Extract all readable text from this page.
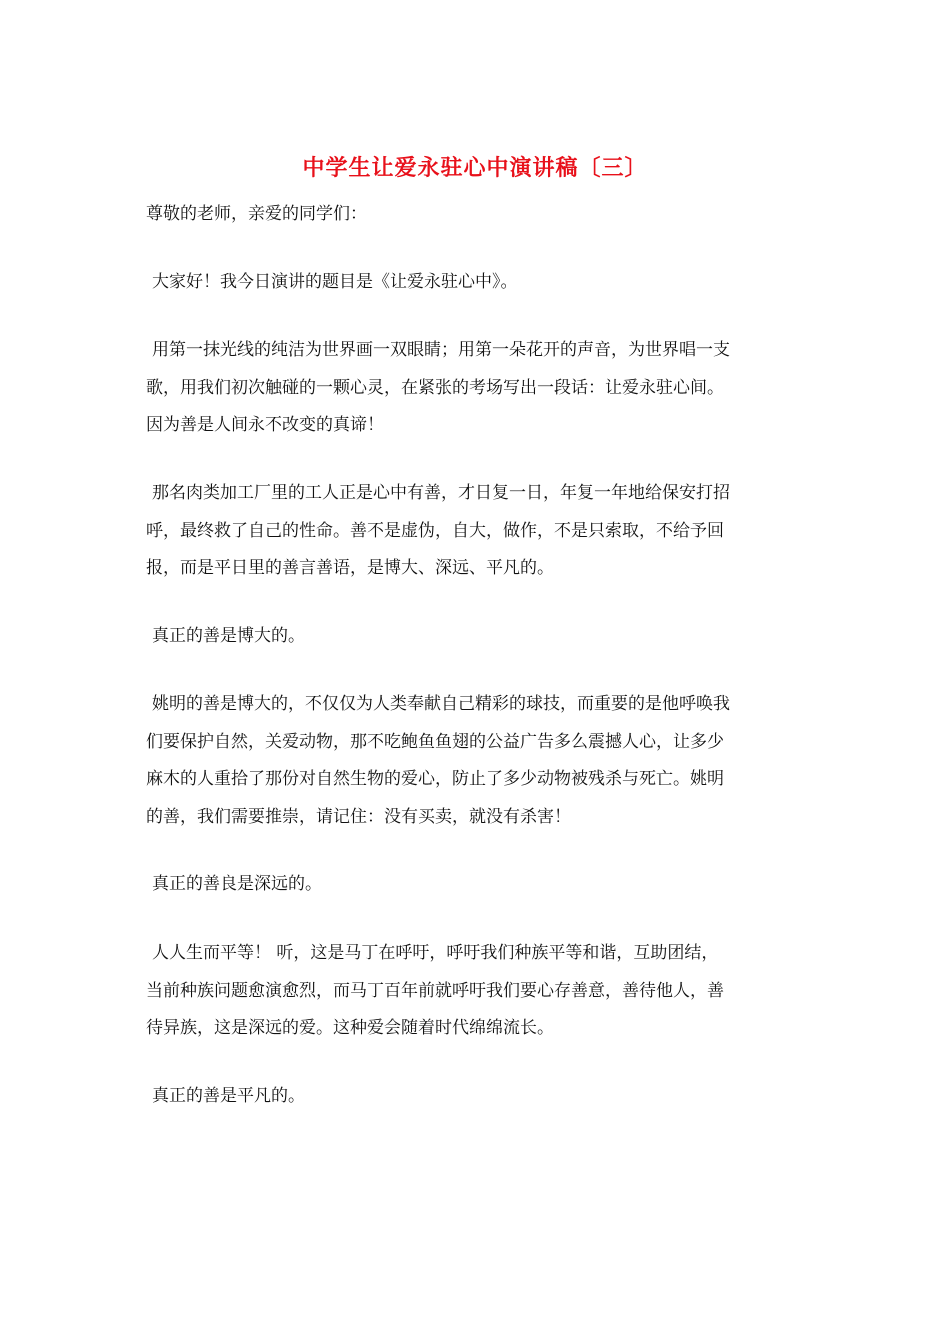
中学生让爱永驻心中演讲稿〔三〕

尊敬的老师，亲爱的同学们：

大家好！我今日演讲的题目是《让爱永驻心中》。

用第一抹光线的纯洁为世界画一双眼睛；用第一朵花开的声音，为世界唱一支
歌，用我们初次触碰的一颗心灵，在紧张的考场写出一段话：让爱永驻心间。
因为善是人间永不改变的真谛！

那名肉类加工厂里的工人正是心中有善，才日复一日，年复一年地给保安打招
呼，最终救了自己的性命。善不是虚伪，自大，做作，不是只索取，不给予回
报，而是平日里的善言善语，是博大、深远、平凡的。

真正的善是博大的。

姚明的善是博大的，不仅仅为人类奉献自己精彩的球技，而重要的是他呼唤我
们要保护自然，关爱动物，那不吃鲍鱼鱼翅的公益广告多么震撼人心，让多少
麻木的人重拾了那份对自然生物的爱心，防止了多少动物被残杀与死亡。姚明
的善，我们需要推崇，请记住：没有买卖，就没有杀害！

真正的善良是深远的。

人人生而平等！ 听，这是马丁在呼吁，呼吁我们种族平等和谐，互助团结，
当前种族问题愈演愈烈，而马丁百年前就呼吁我们要心存善意，善待他人，善
待异族，这是深远的爱。这种爱会随着时代绵绵流长。

真正的善是平凡的。
